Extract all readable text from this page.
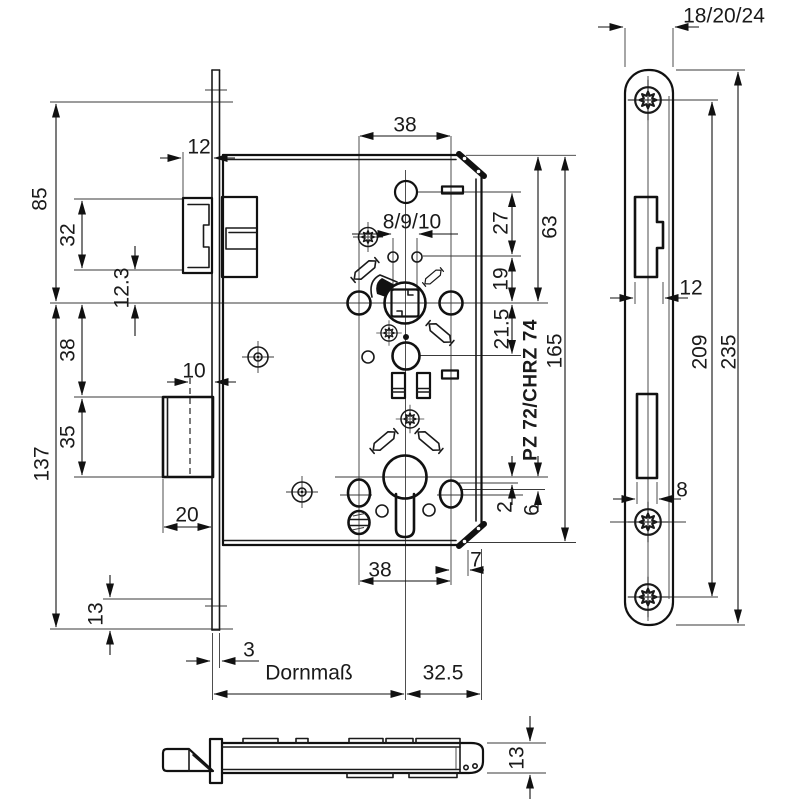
85
137
32
38
35
12.3
13
12
10
20
3
Dornmaß	32.5
38
8/9/10
38	7
27
19
21.5
2
63
6
165
PZ 72/CHRZ 74
18/20/24
12
8
209 235
13
